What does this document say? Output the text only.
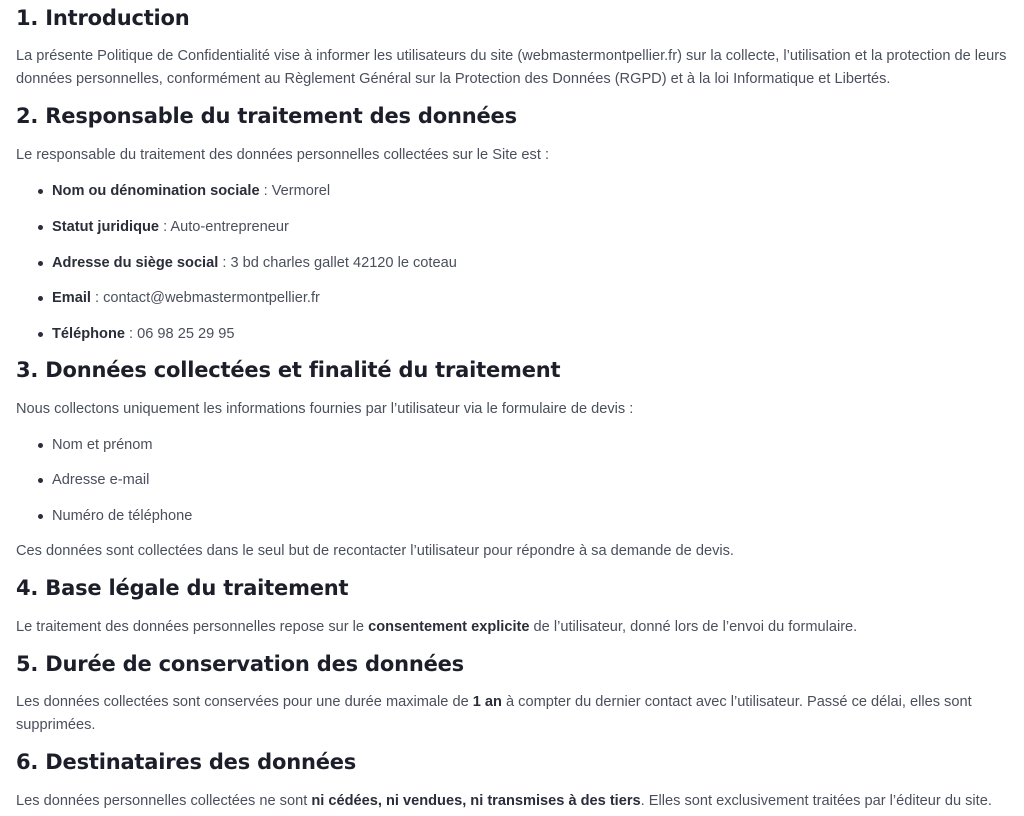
1. Introduction

La présente Politique de Confidentialité vise à informer les utilisateurs du site (webmastermontpellier.fr) sur la collecte, l’utilisation et la protection de leurs données personnelles, conformément au Règlement Général sur la Protection des Données (RGPD) et à la loi Informatique et Libertés.

2. Responsable du traitement des données

Le responsable du traitement des données personnelles collectées sur le Site est :

Nom ou dénomination sociale : Vermorel
Statut juridique : Auto-entrepreneur
Adresse du siège social : 3 bd charles gallet 42120 le coteau
Email : contact@webmastermontpellier.fr
Téléphone : 06 98 25 29 95
3. Données collectées et finalité du traitement

Nous collectons uniquement les informations fournies par l’utilisateur via le formulaire de devis :

Nom et prénom
Adresse e-mail
Numéro de téléphone

Ces données sont collectées dans le seul but de recontacter l’utilisateur pour répondre à sa demande de devis.

4. Base légale du traitement

Le traitement des données personnelles repose sur le consentement explicite de l’utilisateur, donné lors de l’envoi du formulaire.

5. Durée de conservation des données

Les données collectées sont conservées pour une durée maximale de 1 an à compter du dernier contact avec l’utilisateur. Passé ce délai, elles sont supprimées.

6. Destinataires des données

Les données personnelles collectées ne sont ni cédées, ni vendues, ni transmises à des tiers. Elles sont exclusivement traitées par l’éditeur du site.
